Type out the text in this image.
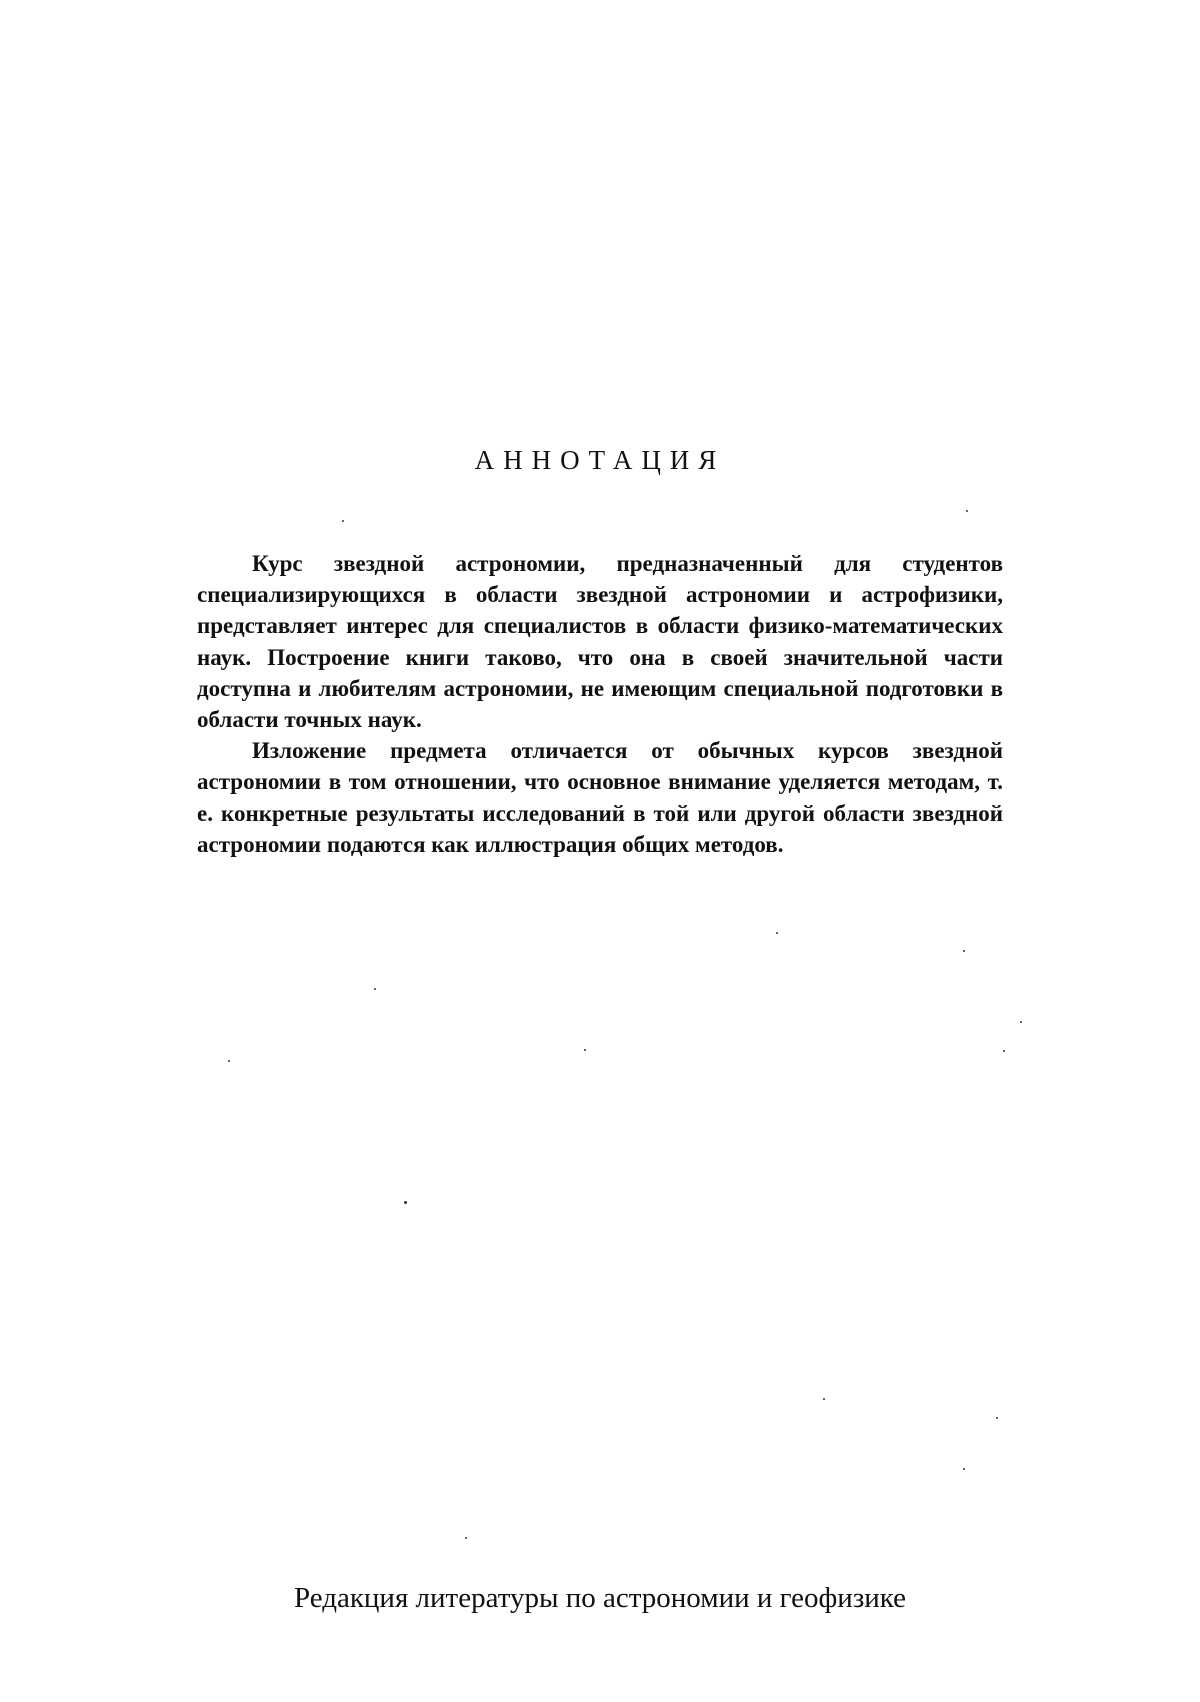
АННОТАЦИЯ

Курс звездной астрономии, предназначенный для студентов специализирующихся в области звездной астрономии и астрофизики, представляет интерес для специалистов в области физико-математических наук. Построение книги таково, что она в своей значительной части доступна и любителям астрономии, не имеющим специальной подготовки в области точных наук.

Изложение предмета отличается от обычных курсов звездной астрономии в том отношении, что основное внимание уделяется методам, т. е. конкретные результаты исследований в той или другой области звездной астрономии подаются как иллюстрация общих методов.

Редакция литературы по астрономии и геофизике
